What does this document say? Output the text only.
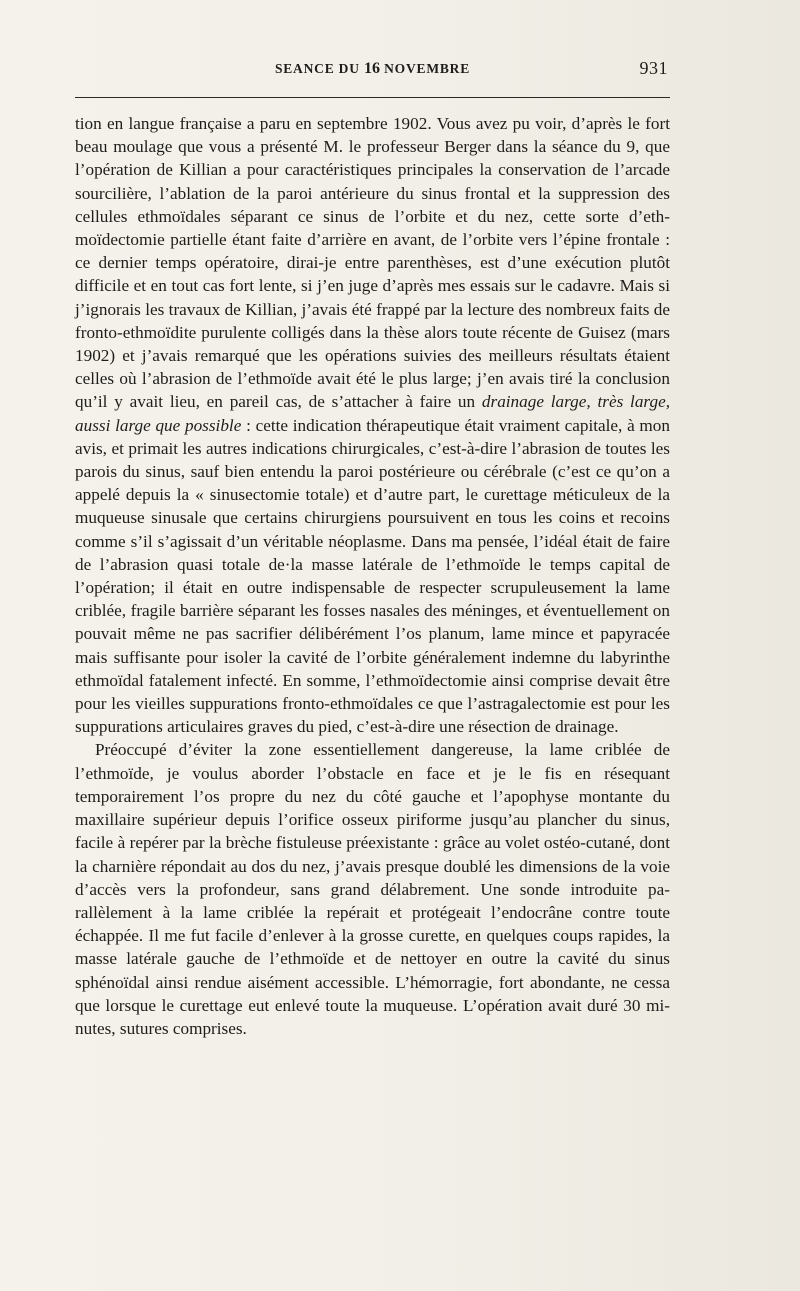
SEANCE DU 16 NOVEMBRE	931

tion en langue française a paru en septembre 1902. Vous avez pu voir, d’après le fort beau moulage que vous a présenté M. le professeur Berger dans la séance du 9, que l’opération de Killian a pour caractéristiques principales la conservation de l’arcade sourcilière, l’ablation de la paroi antérieure du sinus frontal et la suppression des cellules ethmoïdales séparant ce sinus de l’orbite et du nez, cette sorte d’ethmoïdectomie partielle étant faite d’arrière en avant, de l’orbite vers l’épine frontale : ce dernier temps opératoire, dirai-je entre parenthèses, est d’une exécution plutôt difficile et en tout cas fort lente, si j’en juge d’après mes essais sur le cadavre. Mais si j’ignorais les travaux de Killian, j’avais été frappé par la lecture des nombreux faits de fronto-ethmoïdite purulente colligés dans la thèse alors toute récente de Guisez (mars 1902) et j’avais remarqué que les opérations suivies des meilleurs résultats étaient celles où l’abrasion de l’ethmoïde avait été le plus large; j’en avais tiré la conclusion qu’il y avait lieu, en pareil cas, de s’attacher à faire un drainage large, très large, aussi large que possible : cette indication thérapeutique était vraiment capitale, à mon avis, et primait les autres indications chirurgicales, c’est-à-dire l’abrasion de toutes les parois du sinus, sauf bien entendu la paroi postérieure ou cérébrale (c’est ce qu’on a appelé depuis la « sinusectomie totale) et d’autre part, le curettage méticuleux de la muqueuse sinusale que certains chirurgiens poursuivent en tous les coins et recoins comme s’il s’agissait d’un véritable néoplasme. Dans ma pensée, l’idéal était de faire de l’abrasion quasi totale de·la masse latérale de l’ethmoïde le temps capital de l’opération; il était en outre indispensable de respecter scrupuleusement la lame criblée, fragile barrière séparant les fosses nasales des méninges, et éventuellement on pouvait même ne pas sacrifier délibérément l’os planum, lame mince et papyracée mais suffisante pour isoler la cavité de l’orbite généralement indemne du labyrinthe ethmoïdal fatalement infecté. En somme, l’ethmoïdectomie ainsi comprise devait être pour les vieilles suppurations fronto-ethmoïdales ce que l’astragalectomie est pour les suppurations articulaires graves du pied, c’est-à-dire une résection de drainage.

Préoccupé d’éviter la zone essentiellement dangereuse, la lame criblée de l’ethmoïde, je voulus aborder l’obstacle en face et je le fis en résequant temporairement l’os propre du nez du côté gauche et l’apophyse montante du maxillaire supérieur depuis l’orifice osseux piriforme jusqu’au plancher du sinus, facile à repérer par la brèche fistuleuse préexistante : grâce au volet ostéo-cutané, dont la charnière répondait au dos du nez, j’avais presque doublé les dimensions de la voie d’accès vers la profondeur, sans grand délabrement. Une sonde introduite parallèlement à la lame criblée la repérait et protégeait l’endocrâne contre toute échappée. Il me fut facile d’enlever à la grosse curette, en quelques coups rapides, la masse latérale gauche de l’ethmoïde et de nettoyer en outre la cavité du sinus sphénoïdal ainsi rendue aisément accessible. L’hémorragie, fort abondante, ne cessa que lorsque le curettage eut enlevé toute la muqueuse. L’opération avait duré 30 minutes, sutures comprises.
